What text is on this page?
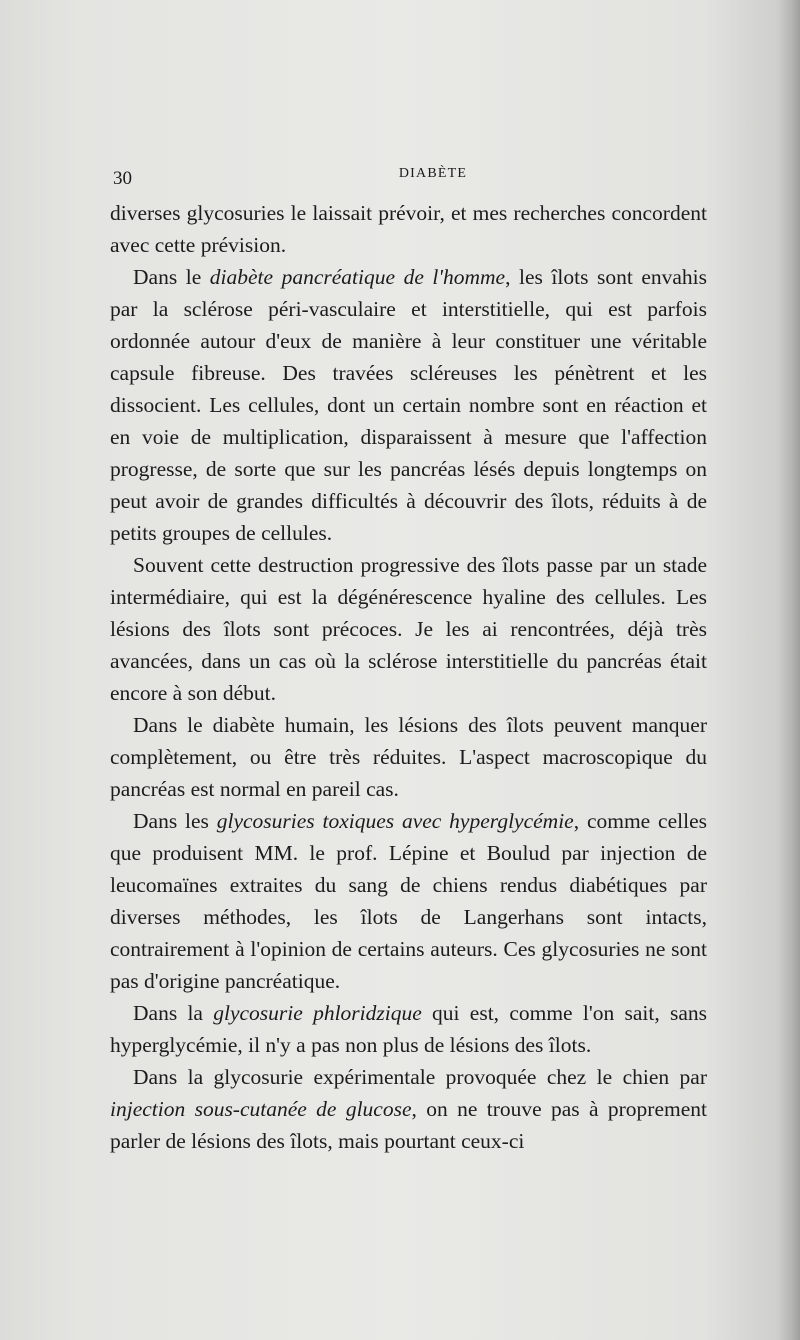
30	DIABÈTE

diverses glycosuries le laissait prévoir, et mes recherches concordent avec cette prévision.

Dans le diabète pancréatique de l'homme, les îlots sont envahis par la sclérose péri-vasculaire et interstitielle, qui est parfois ordonnée autour d'eux de manière à leur constituer une véritable capsule fibreuse. Des travées scléreuses les pénètrent et les dissocient. Les cellules, dont un certain nombre sont en réaction et en voie de multiplication, disparaissent à mesure que l'affection progresse, de sorte que sur les pancréas lésés depuis longtemps on peut avoir de grandes difficultés à découvrir des îlots, réduits à de petits groupes de cellules.

Souvent cette destruction progressive des îlots passe par un stade intermédiaire, qui est la dégénérescence hyaline des cellules. Les lésions des îlots sont précoces. Je les ai rencontrées, déjà très avancées, dans un cas où la sclérose interstitielle du pancréas était encore à son début.

Dans le diabète humain, les lésions des îlots peuvent manquer complètement, ou être très réduites. L'aspect macroscopique du pancréas est normal en pareil cas.

Dans les glycosuries toxiques avec hyperglycémie, comme celles que produisent MM. le prof. Lépine et Boulud par injection de leucomaïnes extraites du sang de chiens rendus diabétiques par diverses méthodes, les îlots de Langerhans sont intacts, contrairement à l'opinion de certains auteurs. Ces glycosuries ne sont pas d'origine pancréatique.

Dans la glycosurie phloridzique qui est, comme l'on sait, sans hyperglycémie, il n'y a pas non plus de lésions des îlots.

Dans la glycosurie expérimentale provoquée chez le chien par injection sous-cutanée de glucose, on ne trouve pas à proprement parler de lésions des îlots, mais pourtant ceux-ci
